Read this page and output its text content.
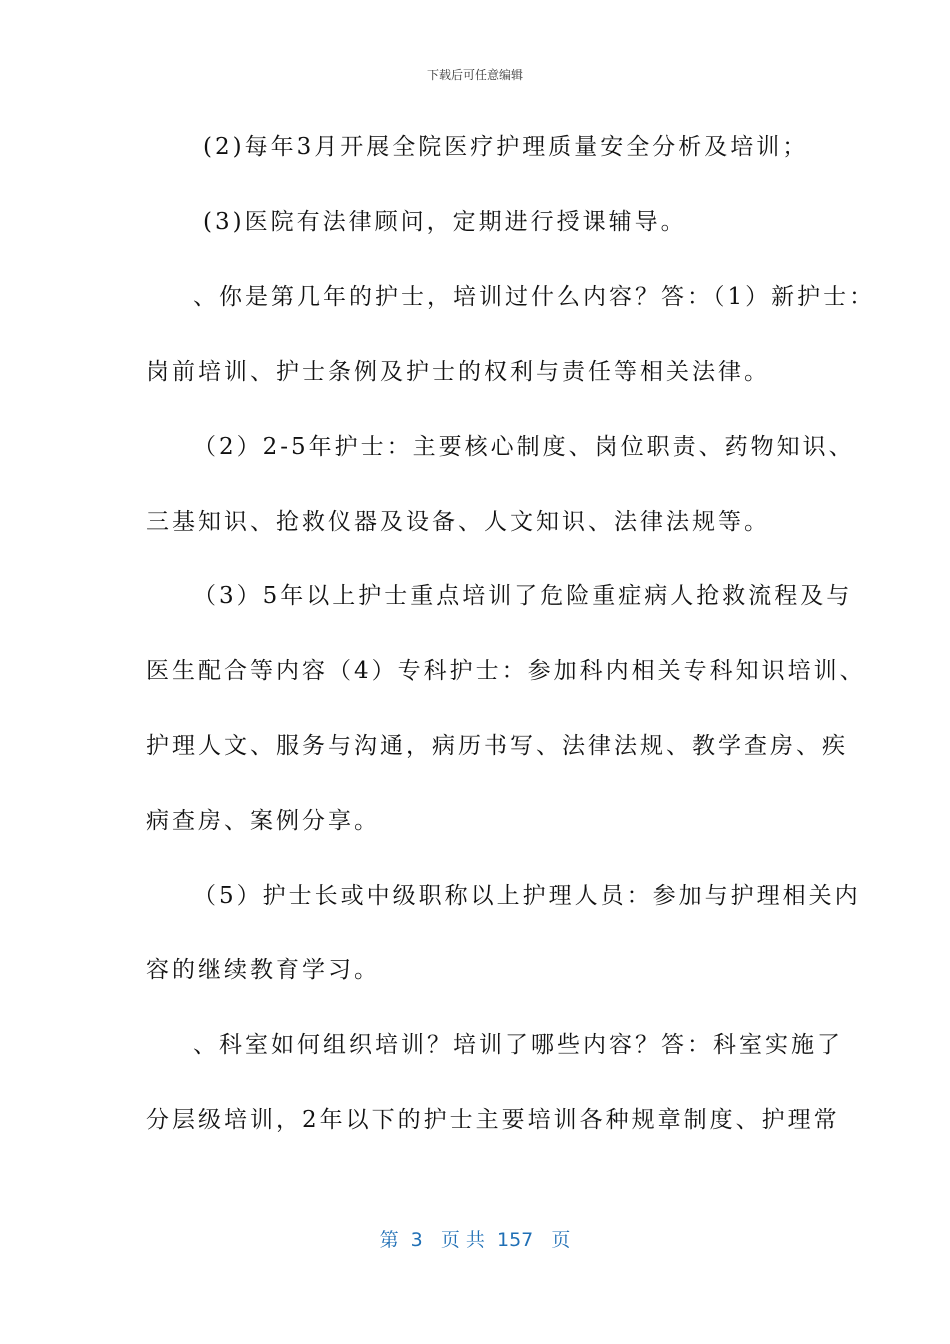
下载后可任意编辑
(2)每年3月开展全院医疗护理质量安全分析及培训；
(3)医院有法律顾问，定期进行授课辅导。
、你是第几年的护士，培训过什么内容？答：（1）新护士：
岗前培训、护士条例及护士的权利与责任等相关法律。
（2）2-5年护士：主要核心制度、岗位职责、药物知识、
三基知识、抢救仪器及设备、人文知识、法律法规等。
（3）5年以上护士重点培训了危险重症病人抢救流程及与
医生配合等内容（4）专科护士：参加科内相关专科知识培训、
护理人文、服务与沟通，病历书写、法律法规、教学查房、疾
病查房、案例分享。
（5）护士长或中级职称以上护理人员：参加与护理相关内
容的继续教育学习。
、科室如何组织培训？培训了哪些内容？答：科室实施了
分层级培训，2年以下的护士主要培训各种规章制度、护理常
第  3   页 共  157   页
